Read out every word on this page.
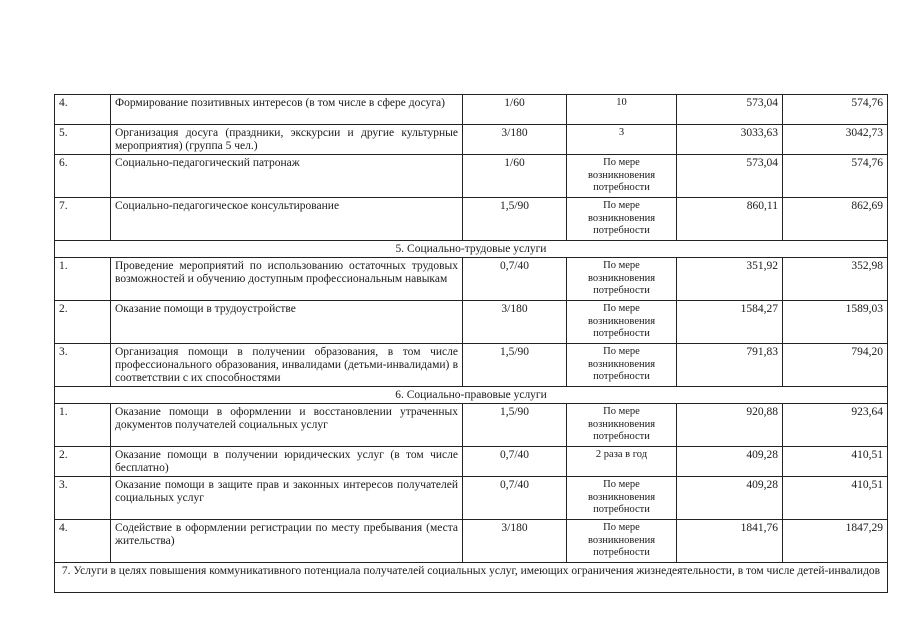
4.	Формирование позитивных интересов (в том числе в сфере досуга)	1/60	10	573,04	574,76
5.	Организация досуга (праздники, экскурсии и другие культурные мероприятия) (группа 5 чел.)	3/180	3	3033,63	3042,73
6.	Социально-педагогический патронаж	1/60	По мере возникновения потребности	573,04	574,76
7.	Социально-педагогическое консультирование	1,5/90	По мере возникновения потребности	860,11	862,69
5. Социально-трудовые услуги					
1.	Проведение мероприятий по использованию остаточных трудовых возможностей и обучению доступным профессиональным навыкам	0,7/40	По мере возникновения потребности	351,92	352,98
2.	Оказание помощи в трудоустройстве	3/180	По мере возникновения потребности	1584,27	1589,03
3.	Организация помощи в получении образования, в том числе профессионального образования, инвалидами (детьми-инвалидами) в соответствии с их способностями	1,5/90	По мере возникновения потребности	791,83	794,20
6. Социально-правовые услуги					
1.	Оказание помощи в оформлении и восстановлении утраченных документов получателей социальных услуг	1,5/90	По мере возникновения потребности	920,88	923,64
2.	Оказание помощи в получении юридических услуг (в том числе бесплатно)	0,7/40	2 раза в год	409,28	410,51
3.	Оказание помощи в защите прав и законных интересов получателей социальных услуг	0,7/40	По мере возникновения потребности	409,28	410,51
4.	Содействие в оформлении регистрации по месту пребывания (места жительства)	3/180	По мере возникновения потребности	1841,76	1847,29
7. Услуги в целях повышения коммуникативного потенциала получателей социальных услуг, имеющих ограничения жизнедеятельности, в том числе детей-инвалидов					
